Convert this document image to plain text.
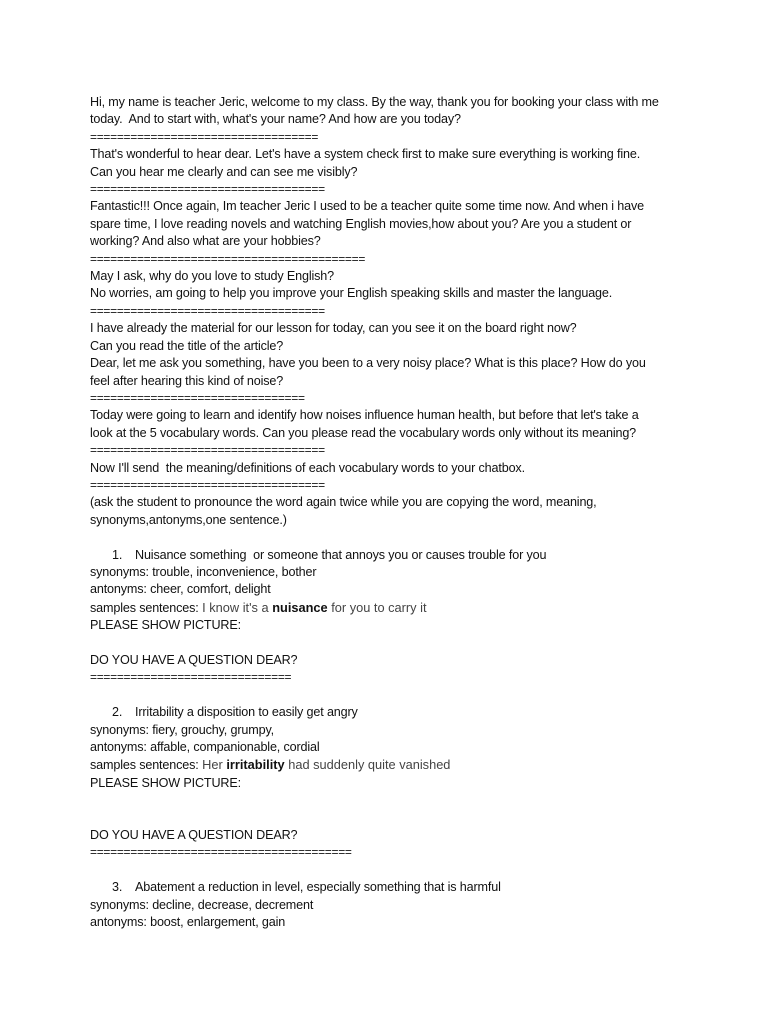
Hi, my name is teacher Jeric, welcome to my class. By the way, thank you for booking your class with me
today.  And to start with, what's your name? And how are you today?
==================================
That's wonderful to hear dear. Let's have a system check first to make sure everything is working fine.
Can you hear me clearly and can see me visibly?
===================================
Fantastic!!! Once again, Im teacher Jeric I used to be a teacher quite some time now. And when i have
spare time, I love reading novels and watching English movies,how about you? Are you a student or
working? And also what are your hobbies?
=========================================
May I ask, why do you love to study English?
No worries, am going to help you improve your English speaking skills and master the language.
===================================
I have already the material for our lesson for today, can you see it on the board right now?
Can you read the title of the article?
Dear, let me ask you something, have you been to a very noisy place? What is this place? How do you
feel after hearing this kind of noise?
================================
Today were going to learn and identify how noises influence human health, but before that let's take a
look at the 5 vocabulary words. Can you please read the vocabulary words only without its meaning?
===================================
Now I'll send  the meaning/definitions of each vocabulary words to your chatbox.
===================================
(ask the student to pronounce the word again twice while you are copying the word, meaning,
synonyms,antonyms,one sentence.)
1. Nuisance something  or someone that annoys you or causes trouble for you
synonyms: trouble, inconvenience, bother
antonyms: cheer, comfort, delight
samples sentences: I know it's a nuisance for you to carry it
PLEASE SHOW PICTURE:
DO YOU HAVE A QUESTION DEAR?
==============================
2. Irritability a disposition to easily get angry
synonyms: fiery, grouchy, grumpy,
antonyms: affable, companionable, cordial
samples sentences: Her irritability had suddenly quite vanished
PLEASE SHOW PICTURE:
DO YOU HAVE A QUESTION DEAR?
=======================================
3. Abatement a reduction in level, especially something that is harmful
synonyms: decline, decrease, decrement
antonyms: boost, enlargement, gain
